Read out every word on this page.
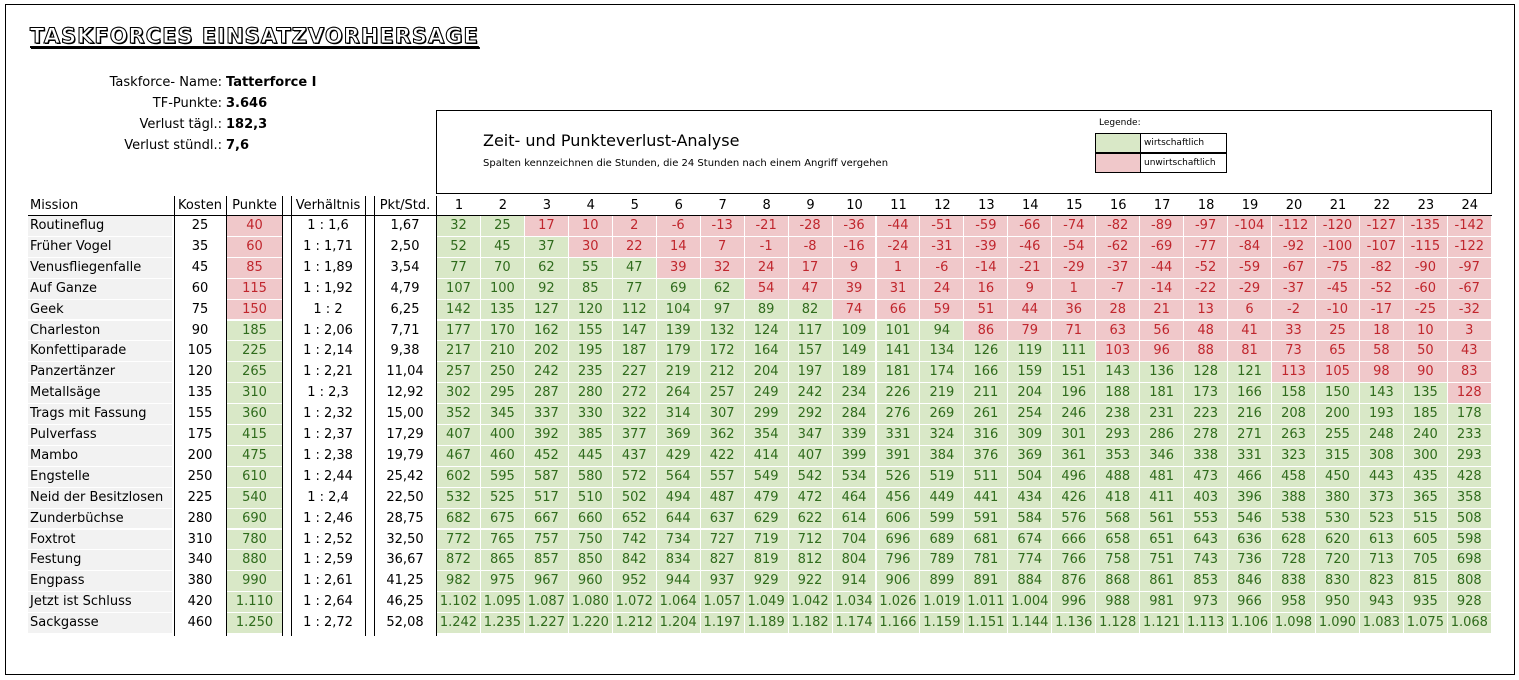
TASKFORCES EINSATZVORHERSAGE
Taskforce- Name: Tatterforce I
TF-Punkte: 3.646
Verlust tägl.: 182,3
Verlust stündl.: 7,6	Zeit- und Punkteverlust-Analyse
Spalten kennzeichnen die Stunden, die 24 Stunden nach einem Angriff vergehen
Legende:
wirtschaftlich
unwirtschaftlich
Mission	Kosten Punkte	Verhältnis	Pkt/Std.	1	2	3	4	5	6	7	8	9	10	11	12	13	14	15	16	17	18	19	20	21	22	23	24
Routineflug	25	40	1 : 1,6	1,67	32	25	17	10	2	-6	-13	-21	-28	-36	-44	-51	-59	-66	-74	-82	-89	-97	-104	-112	-120	-127	-135	-142
Früher Vogel	35	60	1 : 1,71	2,50	52	45	37	30	22	14	7	-1	-8	-16	-24	-31	-39	-46	-54	-62	-69	-77	-84	-92	-100	-107	-115	-122
Venusfliegenfalle	45	85	1 : 1,89	3,54	77	70	62	55	47	39	32	24	17	9	1	-6	-14	-21	-29	-37	-44	-52	-59	-67	-75	-82	-90	-97
Auf Ganze	60	115	1 : 1,92	4,79	107	100	92	85	77	69	62	54	47	39	31	24	16	9	1	-7	-14	-22	-29	-37	-45	-52	-60	-67
Geek	75	150	1 : 2	6,25	142	135	127	120	112	104	97	89	82	74	66	59	51	44	36	28	21	13	6	-2	-10	-17	-25	-32
Charleston	90	185	1 : 2,06	7,71	177	170	162	155	147	139	132	124	117	109	101	94	86	79	71	63	56	48	41	33	25	18	10	3
Konfettiparade	105	225	1 : 2,14	9,38	217	210	202	195	187	179	172	164	157	149	141	134	126	119	111	103	96	88	81	73	65	58	50	43
Panzertänzer	120	265	1 : 2,21	11,04	257	250	242	235	227	219	212	204	197	189	181	174	166	159	151	143	136	128	121	113	105	98	90	83
Metallsäge	135	310	1 : 2,3	12,92	302	295	287	280	272	264	257	249	242	234	226	219	211	204	196	188	181	173	166	158	150	143	135	128
Trags mit Fassung	155	360	1 : 2,32	15,00	352	345	337	330	322	314	307	299	292	284	276	269	261	254	246	238	231	223	216	208	200	193	185	178
Pulverfass	175	415	1 : 2,37	17,29	407	400	392	385	377	369	362	354	347	339	331	324	316	309	301	293	286	278	271	263	255	248	240	233
Mambo	200	475	1 : 2,38	19,79	467	460	452	445	437	429	422	414	407	399	391	384	376	369	361	353	346	338	331	323	315	308	300	293
Engstelle	250	610	1 : 2,44	25,42	602	595	587	580	572	564	557	549	542	534	526	519	511	504	496	488	481	473	466	458	450	443	435	428
Neid der Besitzlosen	225	540	1 : 2,4	22,50	532	525	517	510	502	494	487	479	472	464	456	449	441	434	426	418	411	403	396	388	380	373	365	358
Zunderbüchse	280	690	1 : 2,46	28,75	682	675	667	660	652	644	637	629	622	614	606	599	591	584	576	568	561	553	546	538	530	523	515	508
Foxtrot	310	780	1 : 2,52	32,50	772	765	757	750	742	734	727	719	712	704	696	689	681	674	666	658	651	643	636	628	620	613	605	598
Festung	340	880	1 : 2,59	36,67	872	865	857	850	842	834	827	819	812	804	796	789	781	774	766	758	751	743	736	728	720	713	705	698
Engpass	380	990	1 : 2,61	41,25	982	975	967	960	952	944	937	929	922	914	906	899	891	884	876	868	861	853	846	838	830	823	815	808
Jetzt ist Schluss	420	1.110	1 : 2,64	46,25	1.102 1.095 1.087 1.080 1.072 1.064 1.057 1.049 1.042 1.034 1.026 1.019 1.011 1.004 996	988	981	973	966	958	950	943	935	928
Sackgasse	460	1.250	1 : 2,72	52,08	1.242 1.235 1.227 1.220 1.212 1.204 1.197 1.189 1.182 1.174 1.166 1.159 1.151 1.144 1.136 1.128 1.121 1.113 1.106 1.098 1.090 1.083 1.075 1.068
